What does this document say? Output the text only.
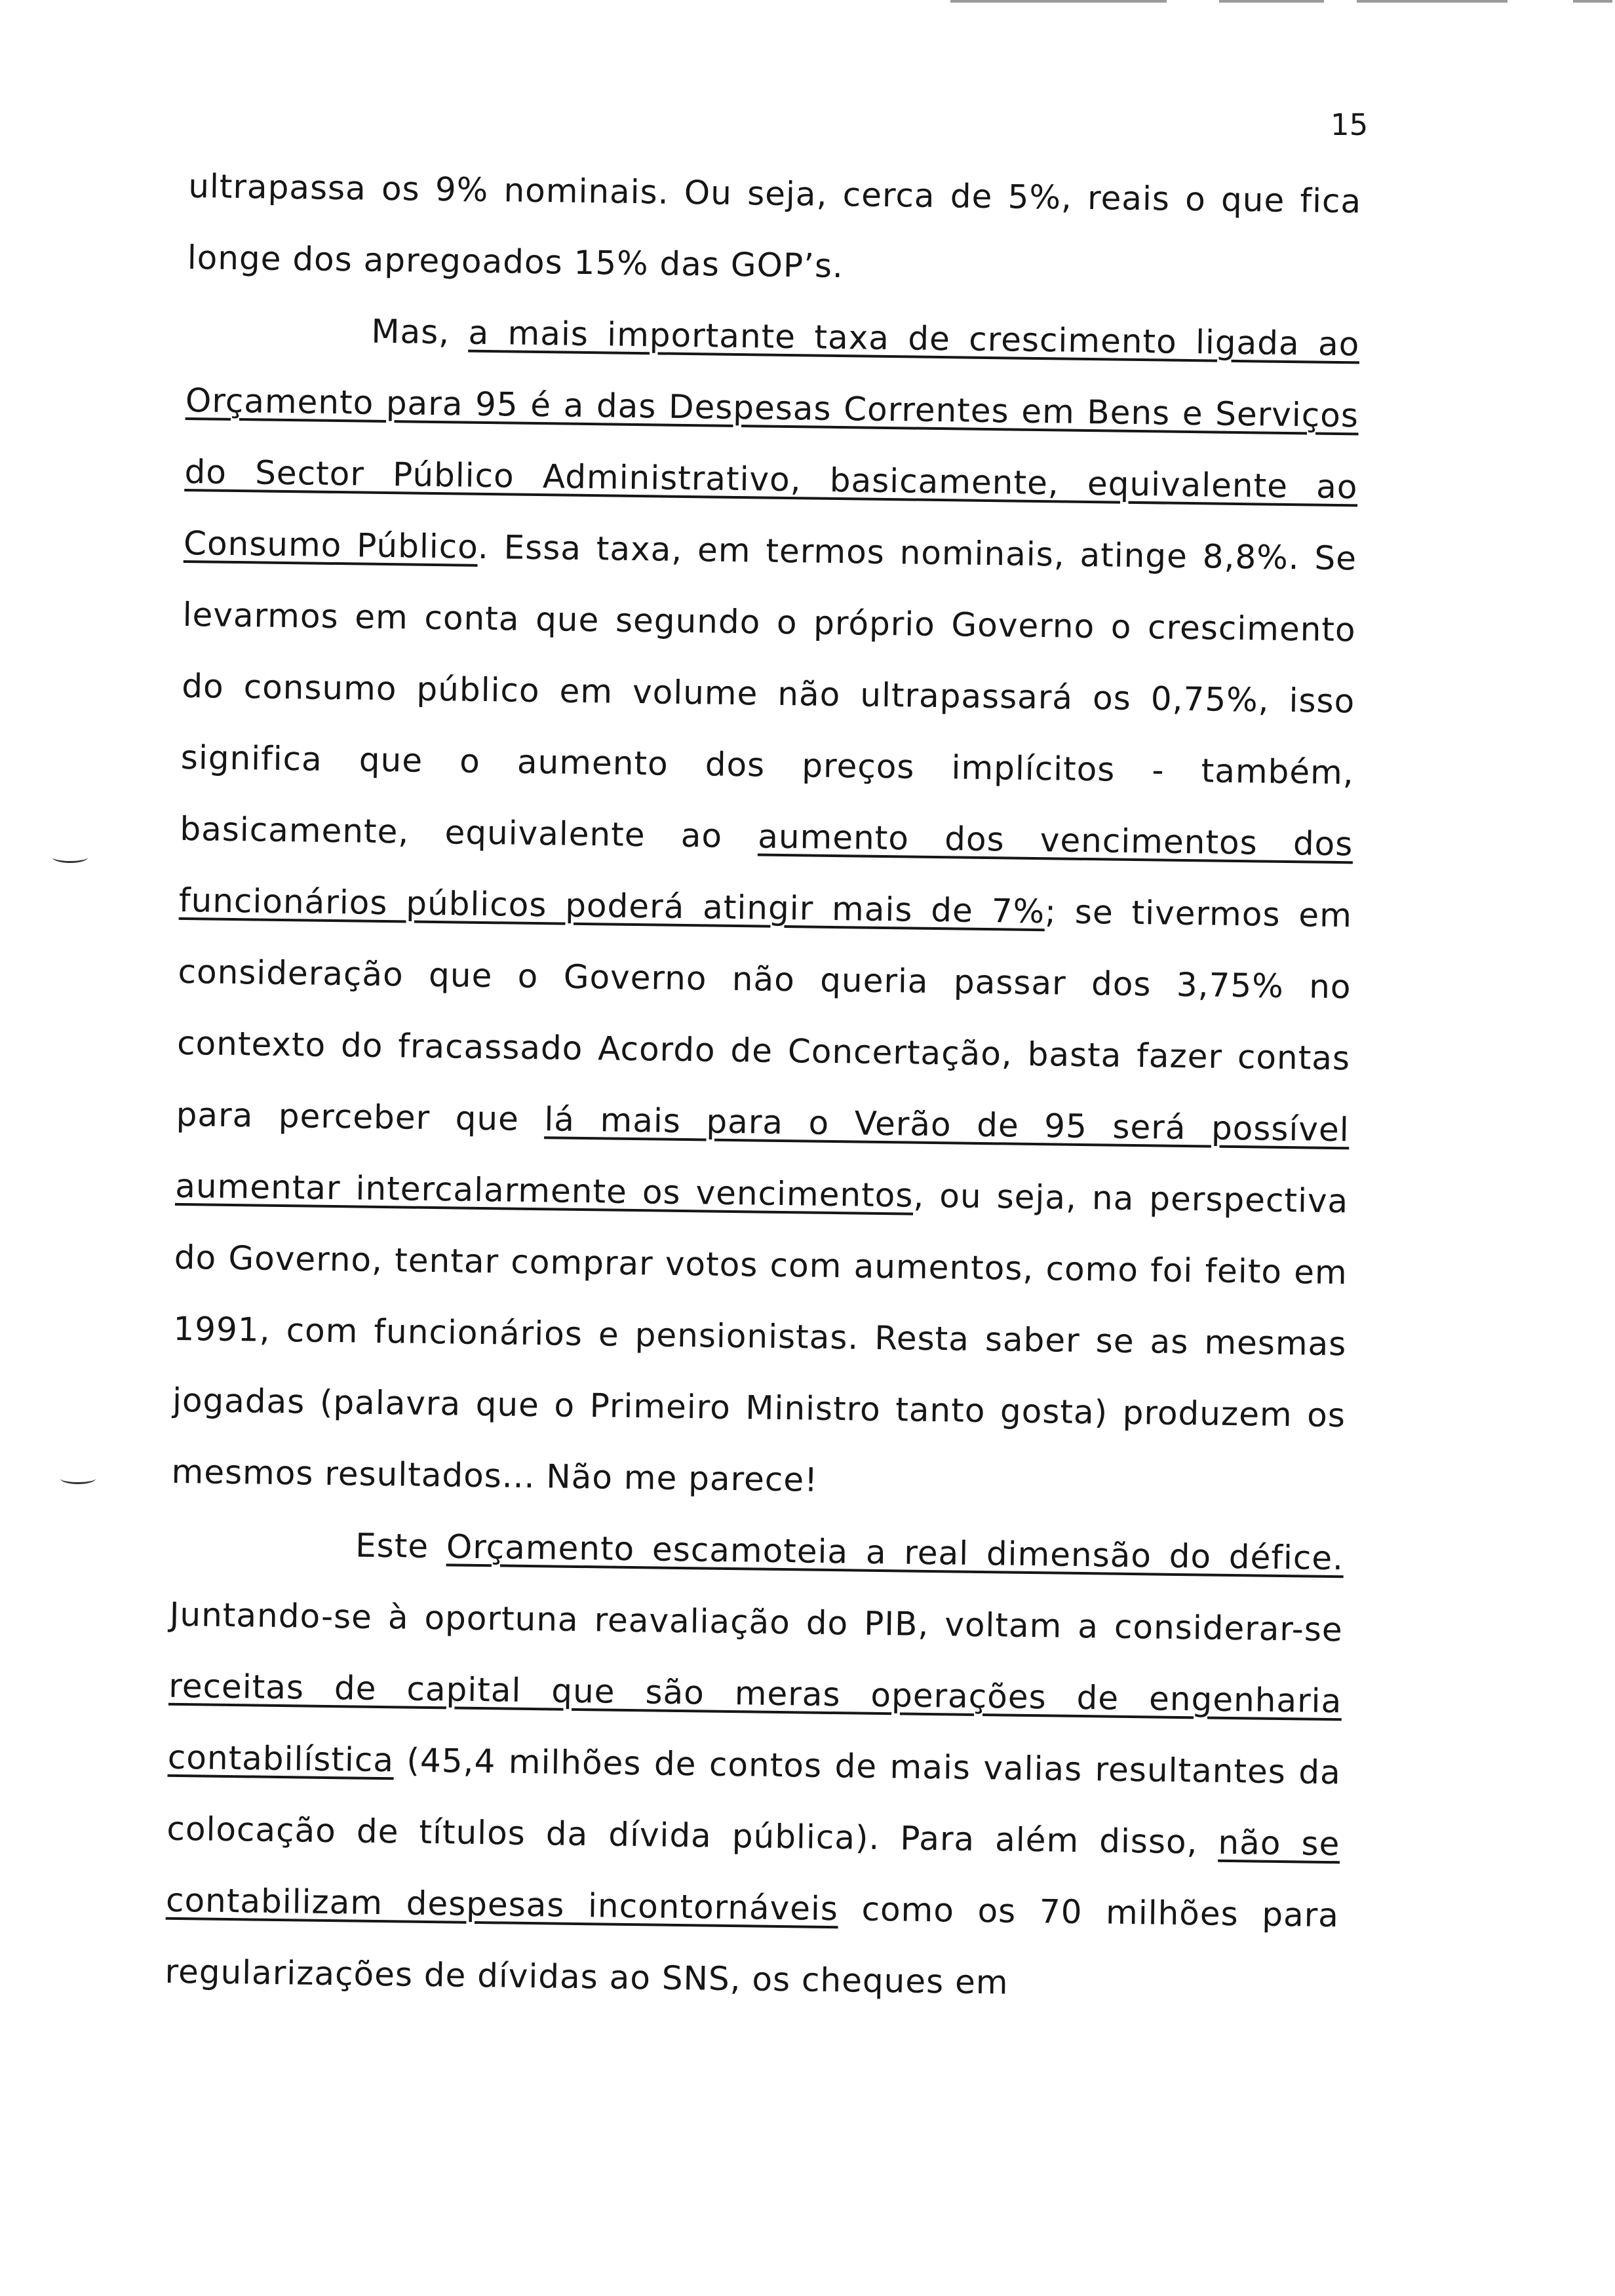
15

ultrapassa os 9% nominais. Ou seja, cerca de 5%, reais o que fica longe dos apregoados 15% das GOP’s.

Mas, a mais importante taxa de crescimento ligada ao Orçamento para 95 é a das Despesas Correntes em Bens e Serviços do Sector Público Administrativo, basicamente, equivalente ao Consumo Público. Essa taxa, em termos nominais, atinge 8,8%. Se levarmos em conta que segundo o próprio Governo o crescimento do consumo público em volume não ultrapassará os 0,75%, isso significa que o aumento dos preços implícitos - também, basicamente, equivalente ao aumento dos vencimentos dos funcionários públicos poderá atingir mais de 7%; se tivermos em consideração que o Governo não queria passar dos 3,75% no contexto do fracassado Acordo de Concertação, basta fazer contas para perceber que lá mais para o Verão de 95 será possível aumentar intercalarmente os vencimentos, ou seja, na perspectiva do Governo, tentar comprar votos com aumentos, como foi feito em 1991, com funcionários e pensionistas. Resta saber se as mesmas jogadas (palavra que o Primeiro Ministro tanto gosta) produzem os mesmos resultados... Não me parece!

Este Orçamento escamoteia a real dimensão do défice. Juntando-se à oportuna reavaliação do PIB, voltam a considerar-se receitas de capital que são meras operações de engenharia contabilística (45,4 milhões de contos de mais valias resultantes da colocação de títulos da dívida pública). Para além disso, não se contabilizam despesas incontornáveis como os 70 milhões para regularizações de dívidas ao SNS, os cheques em
